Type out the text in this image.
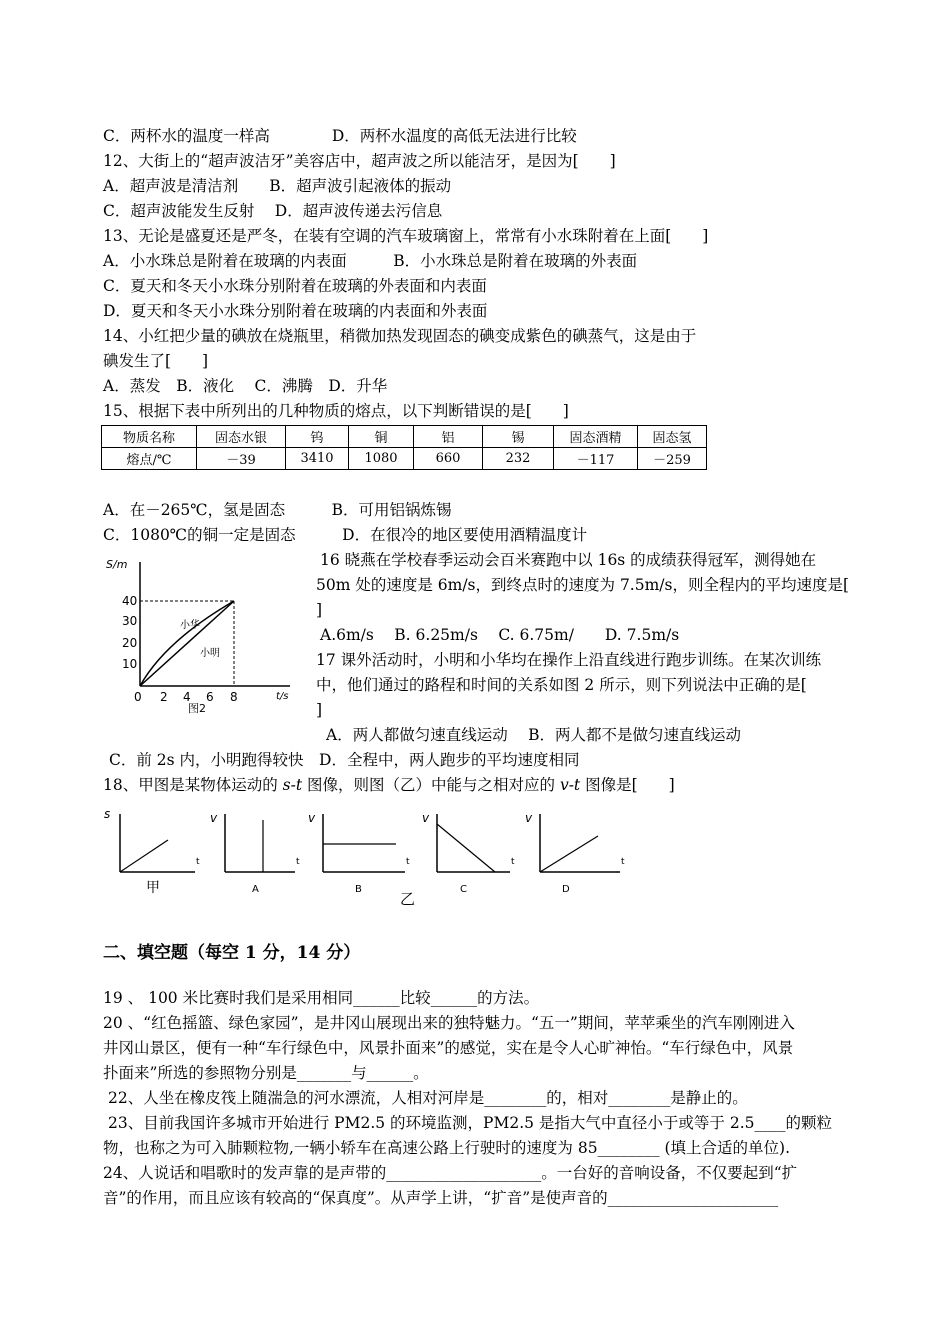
C．两杯水的温度一样高　　　　D．两杯水温度的高低无法进行比较
12、大街上的“超声波洁牙”美容店中，超声波之所以能洁牙，是因为[　　]
A．超声波是清洁剂　　B．超声波引起液体的振动
C．超声波能发生反射　 D．超声波传递去污信息
13、无论是盛夏还是严冬，在装有空调的汽车玻璃窗上，常常有小水珠附着在上面[　　]
A．小水珠总是附着在玻璃的内表面　　　B．小水珠总是附着在玻璃的外表面
C．夏天和冬天小水珠分别附着在玻璃的外表面和内表面
D．夏天和冬天小水珠分别附着在玻璃的内表面和外表面
14、小红把少量的碘放在烧瓶里，稍微加热发现固态的碘变成紫色的碘蒸气，这是由于
碘发生了[　　]
A．蒸发　B．液化　 C．沸腾　D．升华
15、根据下表中所列出的几种物质的熔点，以下判断错误的是[　　]
物质名称	固态水银	钨	铜	铝	锡	固态酒精	固态氢
熔点/℃	－39	3410	1080	660	232	－117	－259
A．在－265℃，氢是固态　　　B．可用铝锅炼锡
C．1080℃的铜一定是固态　　　D．在很冷的地区要使用酒精温度计
S/m
t/s
10
20
30
40
0 2 4 6 8
小华
小明
图2
16 晓燕在学校春季运动会百米赛跑中以 16s 的成绩获得冠军，测得她在
50m 处的速度是 6m/s，到终点时的速度为 7.5m/s，则全程内的平均速度是[
]
A.6m/s　 B. 6.25m/s　 C. 6.75m/　　D. 7.5m/s
17 课外活动时，小明和小华均在操作上沿直线进行跑步训练。在某次训练
中，他们通过的路程和时间的关系如图 2 所示，则下列说法中正确的是[
]
A．两人都做匀速直线运动　 B．两人都不是做匀速直线运动
C．前 2s 内，小明跑得较快　D．全程中，两人跑步的平均速度相同
18、甲图是某物体运动的 s-t 图像，则图（乙）中能与之相对应的 v-t 图像是[　　]
s
t
甲
v
t
A
v
t
B
乙
v
t
C
v
t
D
二、填空题（每空 1 分，14 分）
19 、 100 米比赛时我们是采用相同______比较______的方法。
20 、“红色摇篮、绿色家园”，是井冈山展现出来的独特魅力。“五一”期间，苹苹乘坐的汽车刚刚进入
井冈山景区，便有一种“车行绿色中，风景扑面来”的感觉，实在是令人心旷神怡。“车行绿色中，风景
扑面来”所选的参照物分别是_______与______。
22、人坐在橡皮筏上随湍急的河水漂流，人相对河岸是________的，相对________是静止的。
23、目前我国许多城市开始进行 PM2.5 的环境监测，PM2.5 是指大气中直径小于或等于 2.5____的颗粒
物，也称之为可入肺颗粒物,一辆小轿车在高速公路上行驶时的速度为 85________ (填上合适的单位).
24、人说话和唱歌时的发声靠的是声带的____________________。一台好的音响设备，不仅要起到“扩
音”的作用，而且应该有较高的“保真度”。从声学上讲，“扩音”是使声音的______________________
